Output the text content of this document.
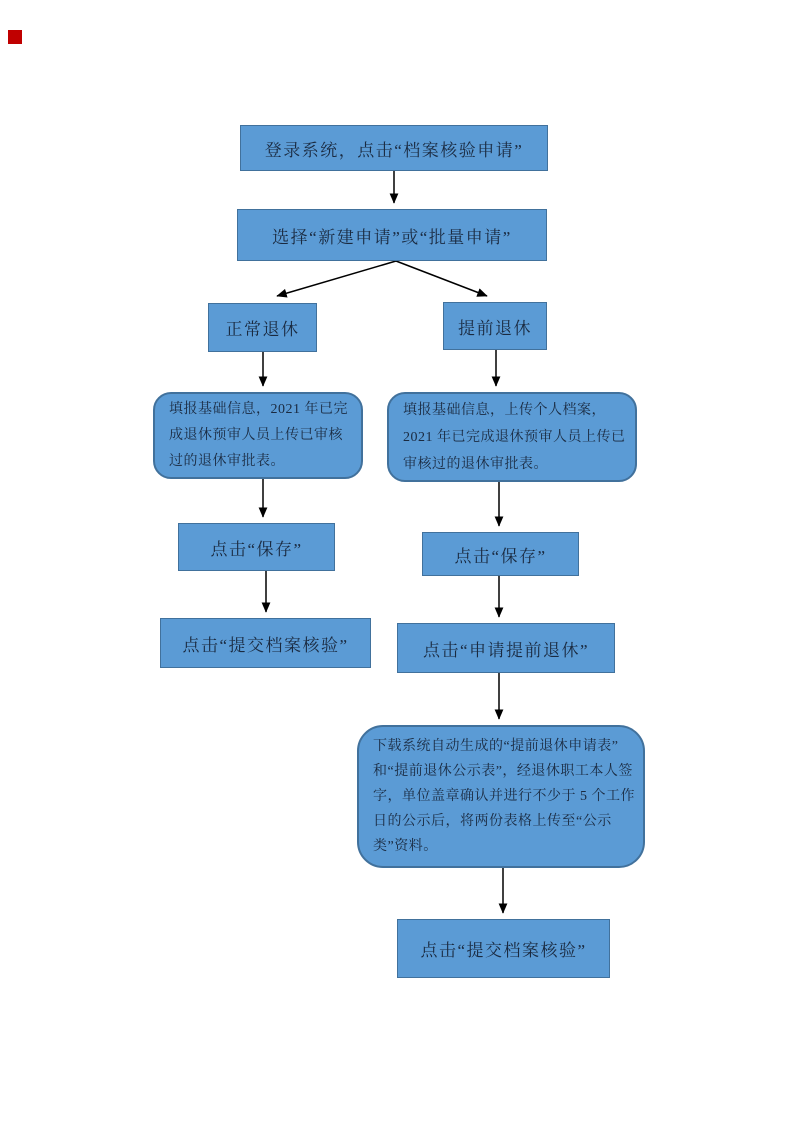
登录系统，点击“档案核验申请”
选择“新建申请”或“批量申请”
正常退休	提前退休
填报基础信息，2021 年已完
成退休预审人员上传已审核
过的退休审批表。
填报基础信息，上传个人档案，
2021 年已完成退休预审人员上传已
审核过的退休审批表。
点击“保存”	点击“保存”
点击“提交档案核验”	点击“申请提前退休”
下载系统自动生成的“提前退休申请表”
和“提前退休公示表”，经退休职工本人签
字，单位盖章确认并进行不少于 5 个工作
日的公示后，将两份表格上传至“公示
类”资料。
点击“提交档案核验”
